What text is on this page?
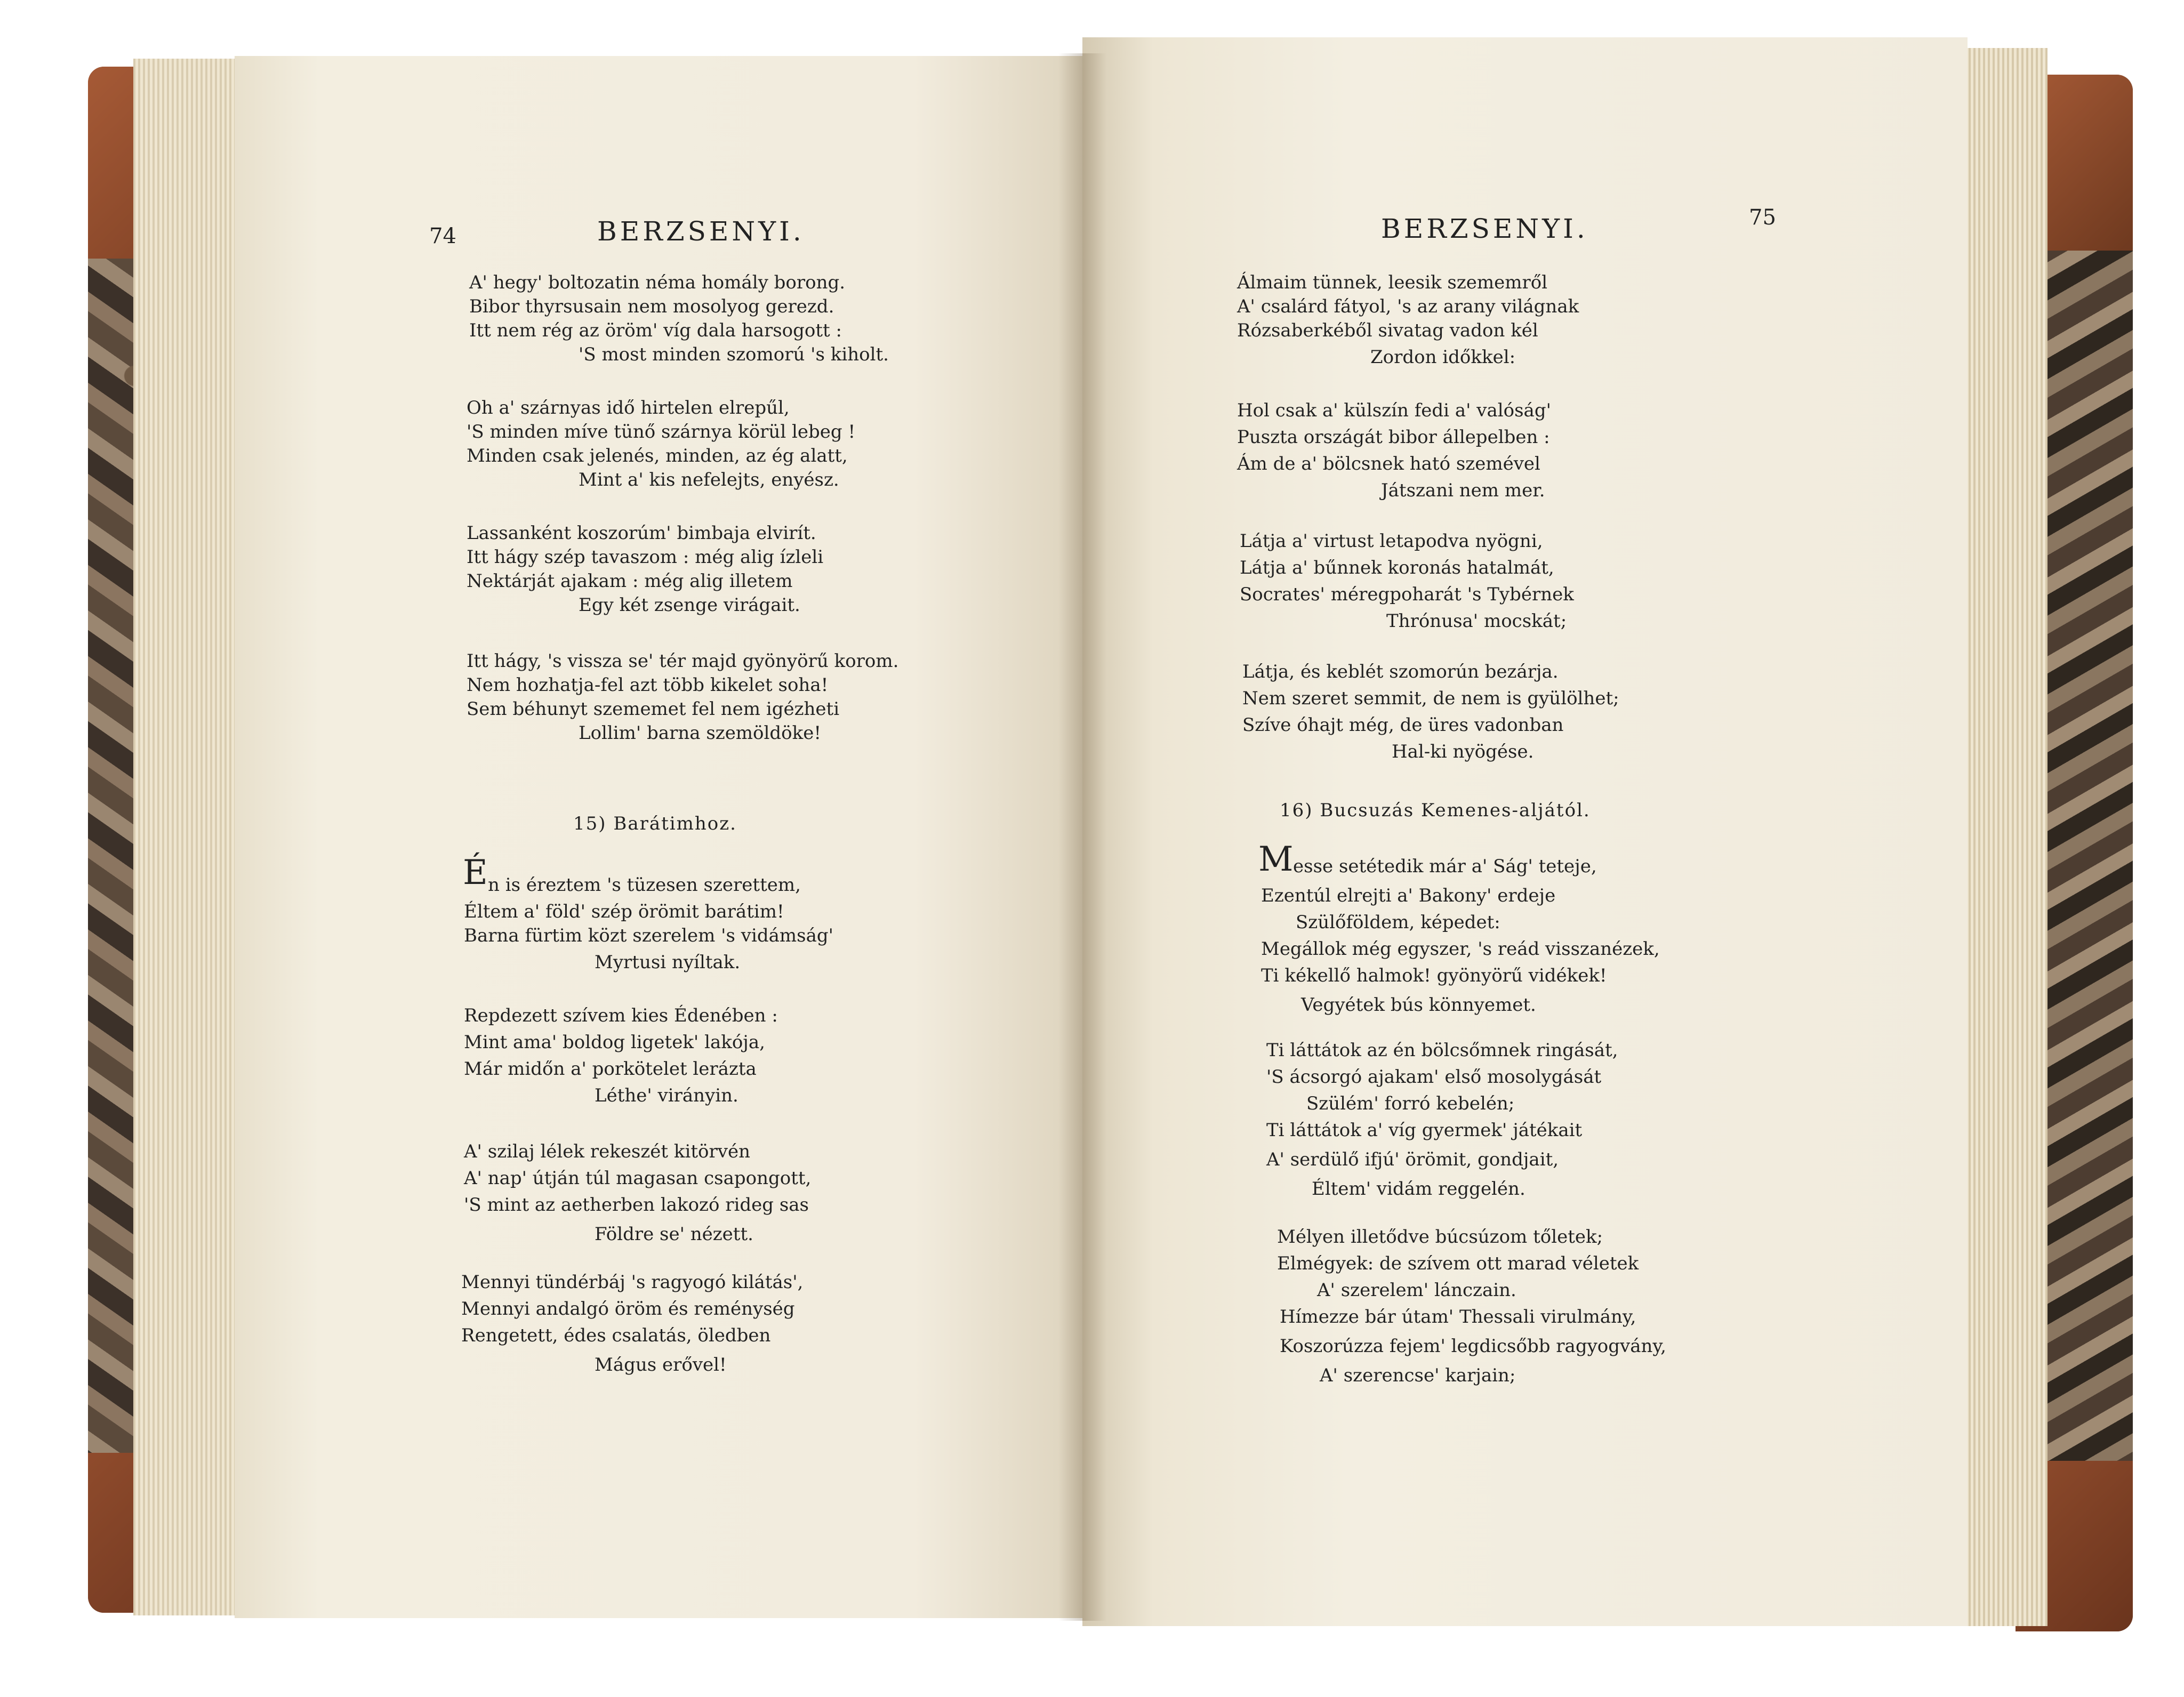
74	BERZSENYI.
A' hegy' boltozatin néma homály borong.
Bibor thyrsusain nem mosolyog gerezd.
Itt nem rég az öröm' víg dala harsogott :
'S most minden szomorú 's kiholt.
Oh a' szárnyas idő hirtelen elrepűl,
'S minden míve tünő szárnya körül lebeg !
Minden csak jelenés, minden, az ég alatt,
Mint a' kis nefelejts, enyész.
Lassanként koszorúm' bimbaja elvirít.
Itt hágy szép tavaszom : még alig ízleli
Nektárját ajakam : még alig illetem
Egy két zsenge virágait.
Itt hágy, 's vissza se' tér majd gyönyörű korom.
Nem hozhatja-fel azt több kikelet soha!
Sem béhunyt szememet fel nem igézheti
Lollim' barna szemöldöke!
15) Barátimhoz.
É n is éreztem 's tüzesen szerettem,
Éltem a' föld' szép örömit barátim!
Barna fürtim közt szerelem 's vidámság'
Myrtusi nyíltak.
Repdezett szívem kies Édenében :
Mint ama' boldog ligetek' lakója,
Már midőn a' porkötelet lerázta
Léthe' virányin.
A' szilaj lélek rekeszét kitörvén
A' nap' útján túl magasan csapongott,
'S mint az aetherben lakozó rideg sas
Földre se' nézett.
Mennyi tündérbáj 's ragyogó kilátás',
Mennyi andalgó öröm és reménység
Rengetett, édes csalatás, öledben
Mágus erővel!
BERZSENYI.	75
Álmaim tünnek, leesik szememről
A' csalárd fátyol, 's az arany világnak
Rózsaberkéből sivatag vadon kél
Zordon időkkel:
Hol csak a' külszín fedi a' valóság'
Puszta országát bibor állepelben :
Ám de a' bölcsnek ható szemével
Játszani nem mer.
Látja a' virtust letapodva nyögni,
Látja a' bűnnek koronás hatalmát,
Socrates' méregpoharát 's Tybérnek
Thrónusa' mocskát;
Látja, és keblét szomorún bezárja.
Nem szeret semmit, de nem is gyülölhet;
Szíve óhajt még, de üres vadonban
Hal-ki nyögése.
16) Bucsuzás Kemenes-aljától.
M esse setétedik már a' Ság' teteje,
Ezentúl elrejti a' Bakony' erdeje
Szülőföldem, képedet:
Megállok még egyszer, 's reád visszanézek,
Ti kékellő halmok! gyönyörű vidékek!
Vegyétek bús könnyemet.
Ti láttátok az én bölcsőmnek ringását,
'S ácsorgó ajakam' első mosolygását
Szülém' forró kebelén;
Ti láttátok a' víg gyermek' játékait
A' serdülő ifjú' örömit, gondjait,
Éltem' vidám reggelén.
Mélyen illetődve búcsúzom tőletek;
Elmégyek: de szívem ott marad véletek
A' szerelem' lánczain.
Hímezze bár útam' Thessali virulmány,
Koszorúzza fejem' legdicsőbb ragyogvány,
A' szerencse' karjain;
